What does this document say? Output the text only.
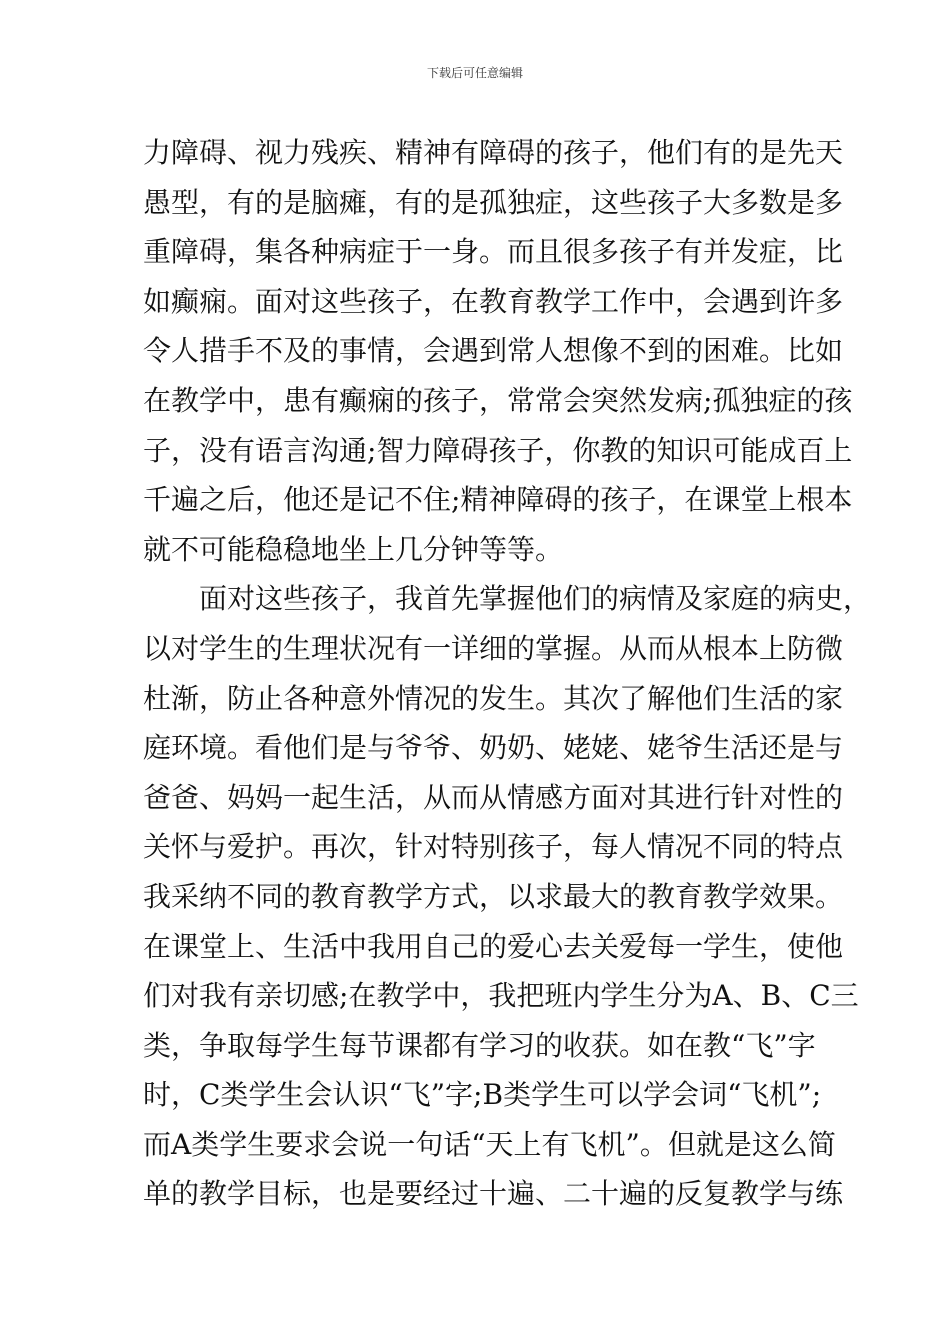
下载后可任意编辑
力障碍、视力残疾、精神有障碍的孩子，他们有的是先天
愚型，有的是脑瘫，有的是孤独症，这些孩子大多数是多
重障碍，集各种病症于一身。而且很多孩子有并发症，比
如癫痫。面对这些孩子，在教育教学工作中，会遇到许多
令人措手不及的事情，会遇到常人想像不到的困难。比如
在教学中，患有癫痫的孩子，常常会突然发病;孤独症的孩
子，没有语言沟通;智力障碍孩子，你教的知识可能成百上
千遍之后，他还是记不住;精神障碍的孩子，在课堂上根本
就不可能稳稳地坐上几分钟等等。
面对这些孩子，我首先掌握他们的病情及家庭的病史，
以对学生的生理状况有一详细的掌握。从而从根本上防微
杜渐，防止各种意外情况的发生。其次了解他们生活的家
庭环境。看他们是与爷爷、奶奶、姥姥、姥爷生活还是与
爸爸、妈妈一起生活，从而从情感方面对其进行针对性的
关怀与爱护。再次，针对特别孩子，每人情况不同的特点
我采纳不同的教育教学方式，以求最大的教育教学效果。
在课堂上、生活中我用自己的爱心去关爱每一学生，使他
们对我有亲切感;在教学中，我把班内学生分为A、B、C三
类，争取每学生每节课都有学习的收获。如在教“飞”字
时，C类学生会认识“飞”字;B类学生可以学会词“飞机”;
而A类学生要求会说一句话“天上有飞机”。但就是这么简
单的教学目标，也是要经过十遍、二十遍的反复教学与练
